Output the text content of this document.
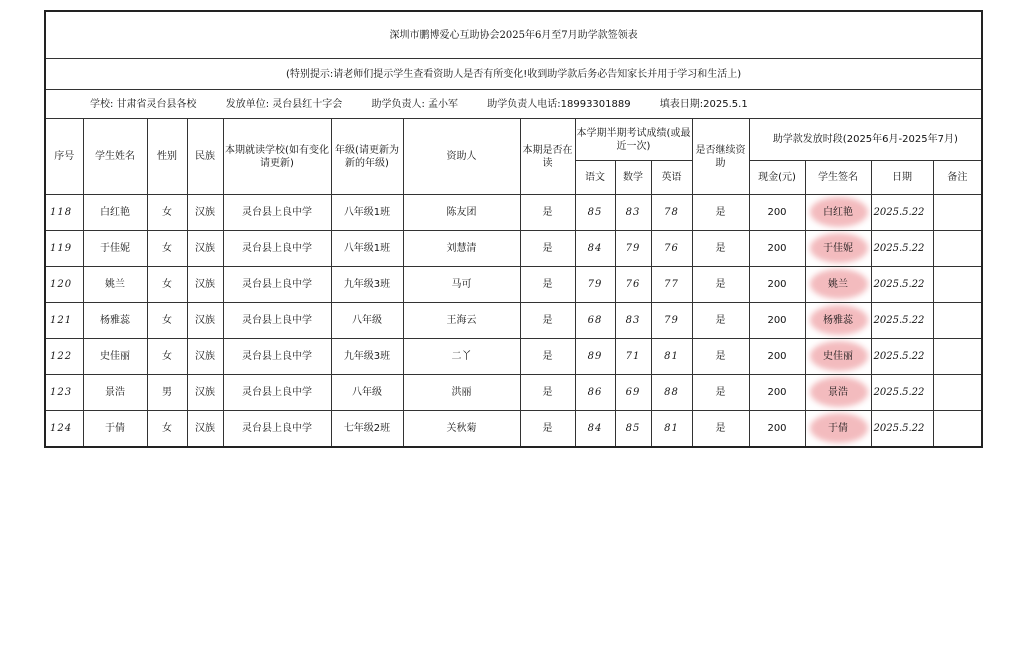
深圳市鹏博爱心互助协会2025年6月至7月助学款签领表															
(特别提示:请老师们提示学生查看资助人是否有所变化!收到助学款后务必告知家长并用于学习和生活上)															
学校: 甘肃省灵台县各校 发放单位: 灵台县红十字会 助学负责人: 孟小军 助学负责人电话:18993301889 填表日期:2025.5.1															
序号	学生姓名	性别	民族	本期就读学校(如有变化请更新)	年级(请更新为新的年级)	资助人	本期是否在读	本学期半期考试成绩(或最近一次)			是否继续资助	助学款发放时段(2025年6月-2025年7月)			
								语文	数学	英语		现金(元)	学生签名	日期	备注
118	白红艳	女	汉族	灵台县上良中学	八年级1班	陈友团	是	85	83	78	是	200	白红艳	2025.5.22	
119	于佳妮	女	汉族	灵台县上良中学	八年级1班	刘慧清	是	84	79	76	是	200	于佳妮	2025.5.22	
120	姚兰	女	汉族	灵台县上良中学	九年级3班	马可	是	79	76	77	是	200	姚兰	2025.5.22	
121	杨雅蕊	女	汉族	灵台县上良中学	八年级	王海云	是	68	83	79	是	200	杨雅蕊	2025.5.22	
122	史佳丽	女	汉族	灵台县上良中学	九年级3班	二丫	是	89	71	81	是	200	史佳丽	2025.5.22	
123	景浩	男	汉族	灵台县上良中学	八年级	洪丽	是	86	69	88	是	200	景浩	2025.5.22	
124	于倩	女	汉族	灵台县上良中学	七年级2班	关秋菊	是	84	85	81	是	200	于倩	2025.5.22	
